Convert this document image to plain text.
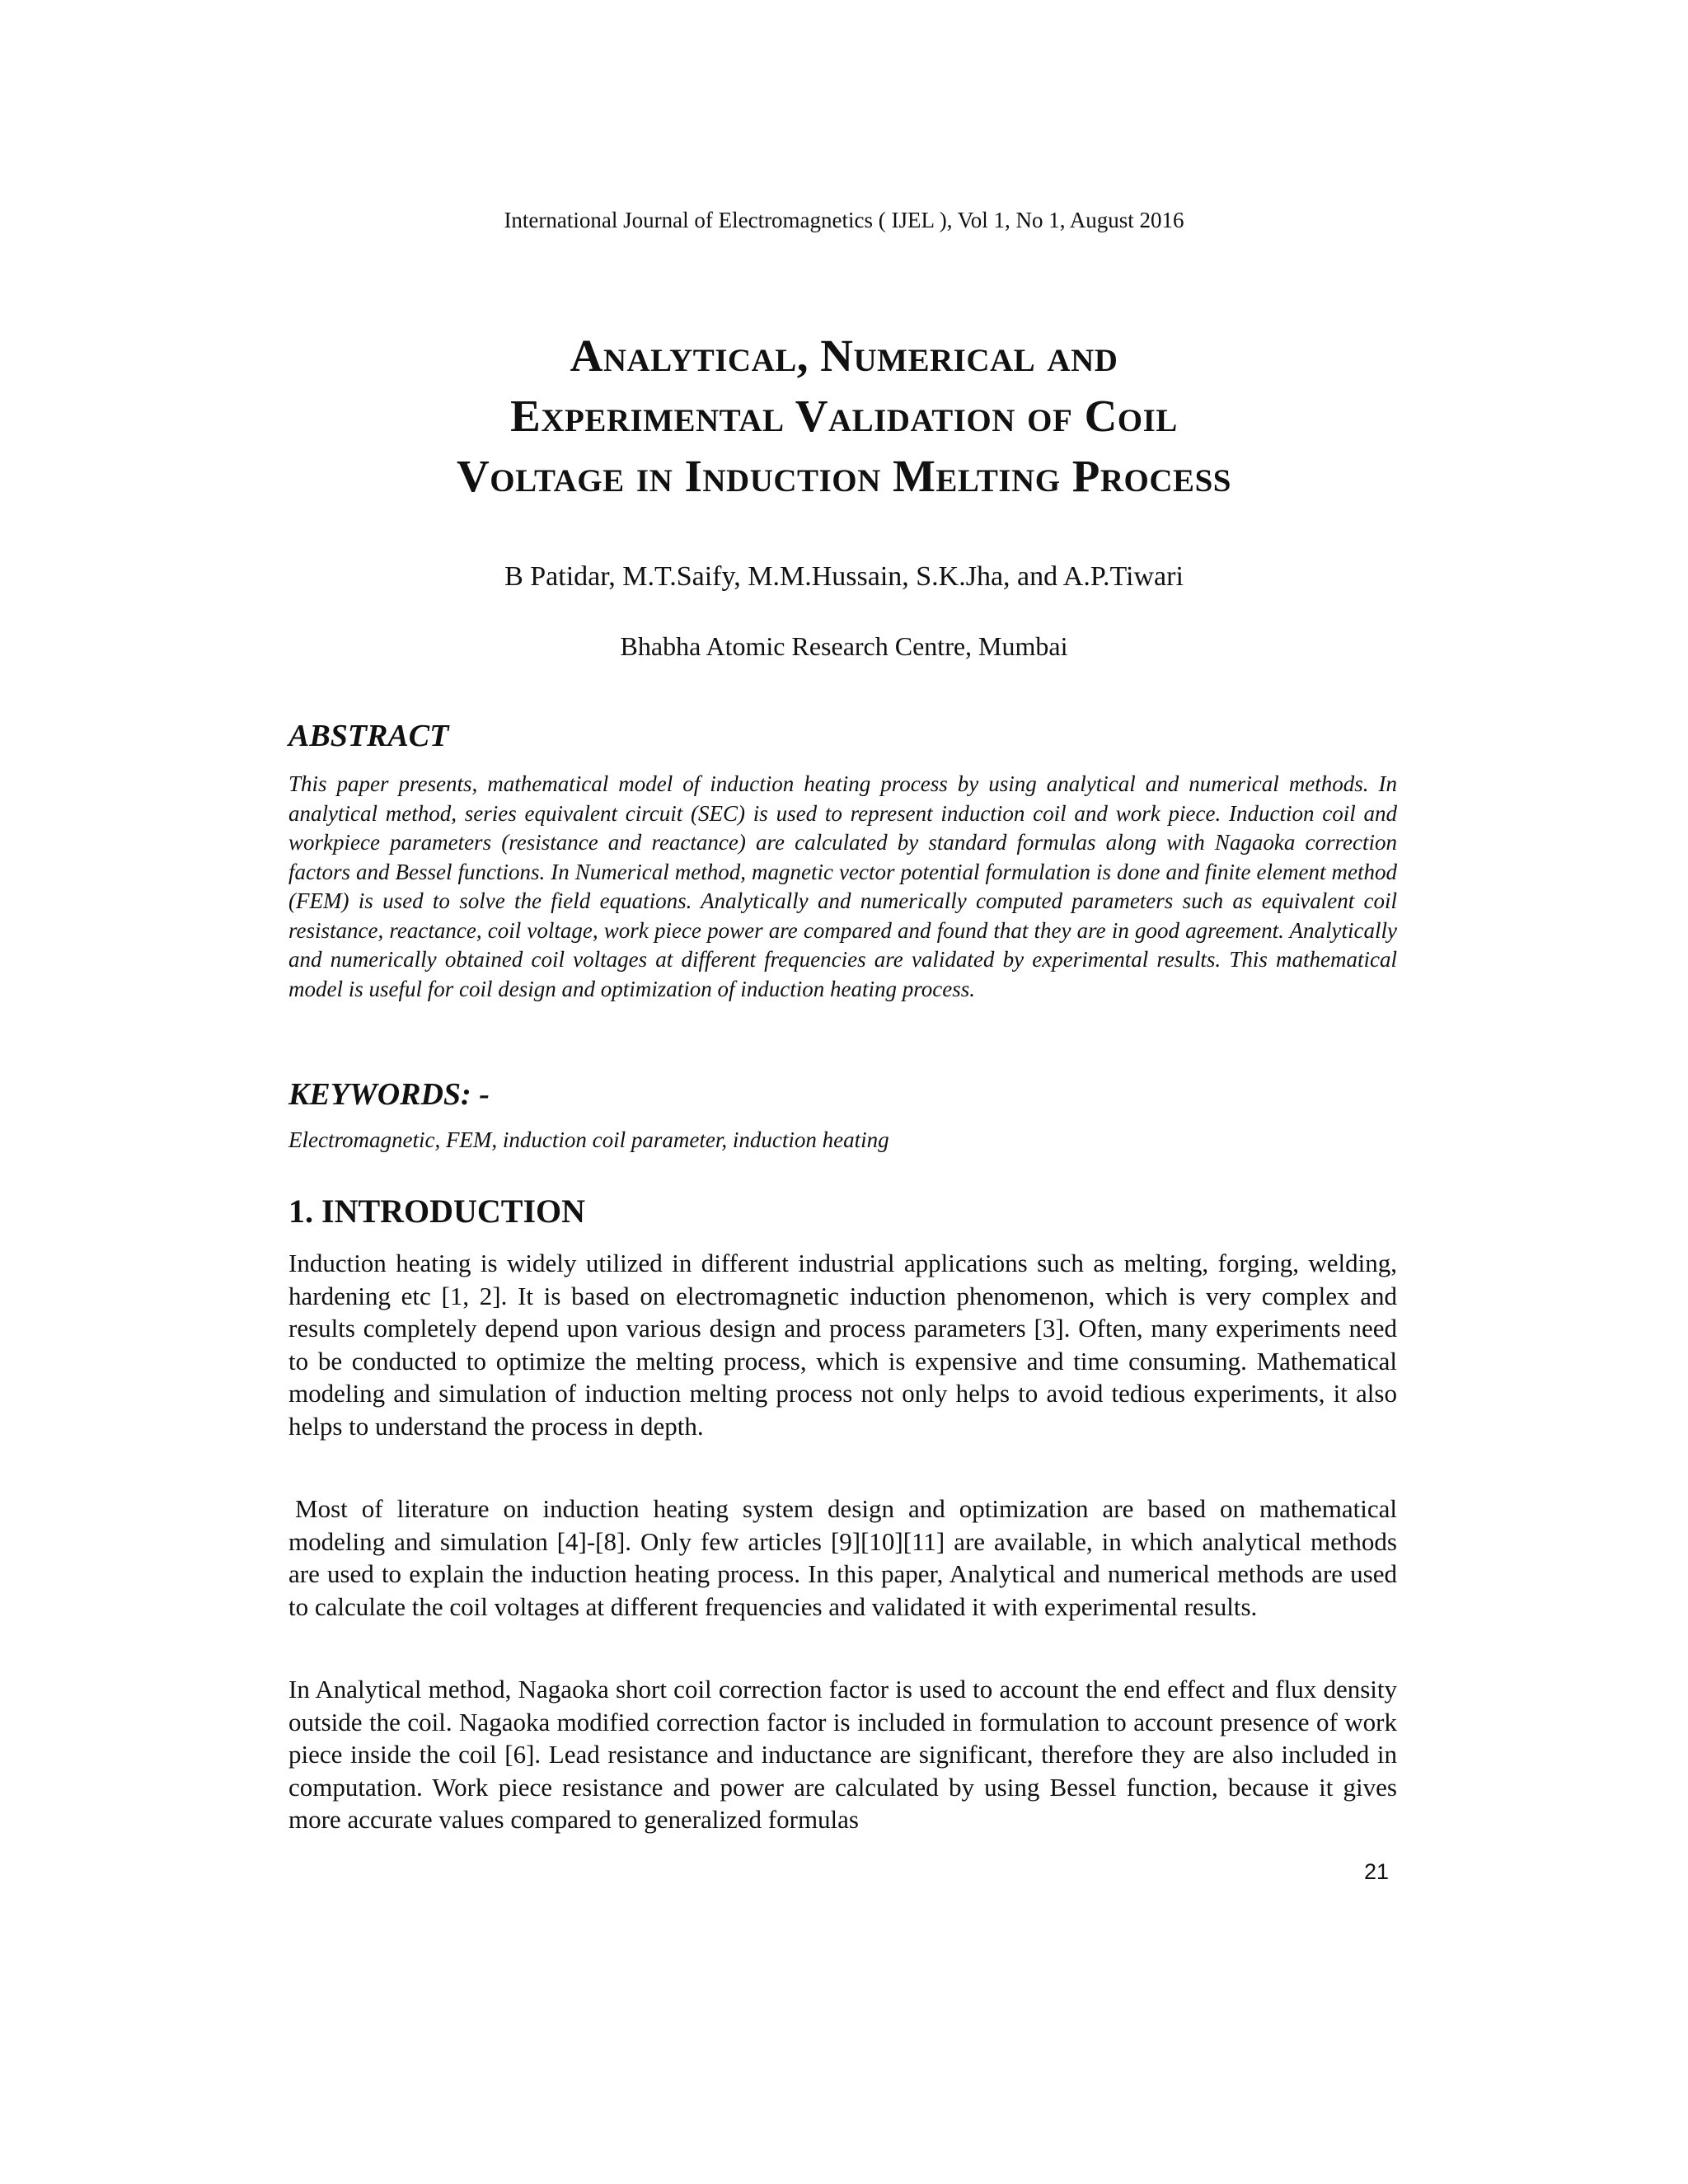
International Journal of Electromagnetics ( IJEL ), Vol 1, No 1, August 2016
Analytical, Numerical and
Experimental Validation of Coil
Voltage in Induction Melting Process
B Patidar, M.T.Saify, M.M.Hussain, S.K.Jha, and A.P.Tiwari
Bhabha Atomic Research Centre, Mumbai
ABSTRACT

This paper presents, mathematical model of induction heating process by using analytical and numerical methods. In analytical method, series equivalent circuit (SEC) is used to represent induction coil and work piece. Induction coil and workpiece parameters (resistance and reactance) are calculated by standard formulas along with Nagaoka correction factors and Bessel functions. In Numerical method, magnetic vector potential formulation is done and finite element method (FEM) is used to solve the field equations. Analytically and numerically computed parameters such as equivalent coil resistance, reactance, coil voltage, work piece power are compared and found that they are in good agreement. Analytically and numerically obtained coil voltages at different frequencies are validated by experimental results. This mathematical model is useful for coil design and optimization of induction heating process.

KEYWORDS: -

Electromagnetic, FEM, induction coil parameter, induction heating

1. INTRODUCTION

Induction heating is widely utilized in different industrial applications such as melting, forging, welding, hardening etc [1, 2]. It is based on electromagnetic induction phenomenon, which is very complex and results completely depend upon various design and process parameters [3]. Often, many experiments need to be conducted to optimize the melting process, which is expensive and time consuming. Mathematical modeling and simulation of induction melting process not only helps to avoid tedious experiments, it also helps to understand the process in depth.

Most of literature on induction heating system design and optimization are based on mathematical modeling and simulation [4]-[8]. Only few articles [9][10][11] are available, in which analytical methods are used to explain the induction heating process. In this paper, Analytical and numerical methods are used to calculate the coil voltages at different frequencies and validated it with experimental results.

In Analytical method, Nagaoka short coil correction factor is used to account the end effect and flux density outside the coil. Nagaoka modified correction factor is included in formulation to account presence of work piece inside the coil [6]. Lead resistance and inductance are significant, therefore they are also included in computation. Work piece resistance and power are calculated by using Bessel function, because it gives more accurate values compared to generalized formulas

21
